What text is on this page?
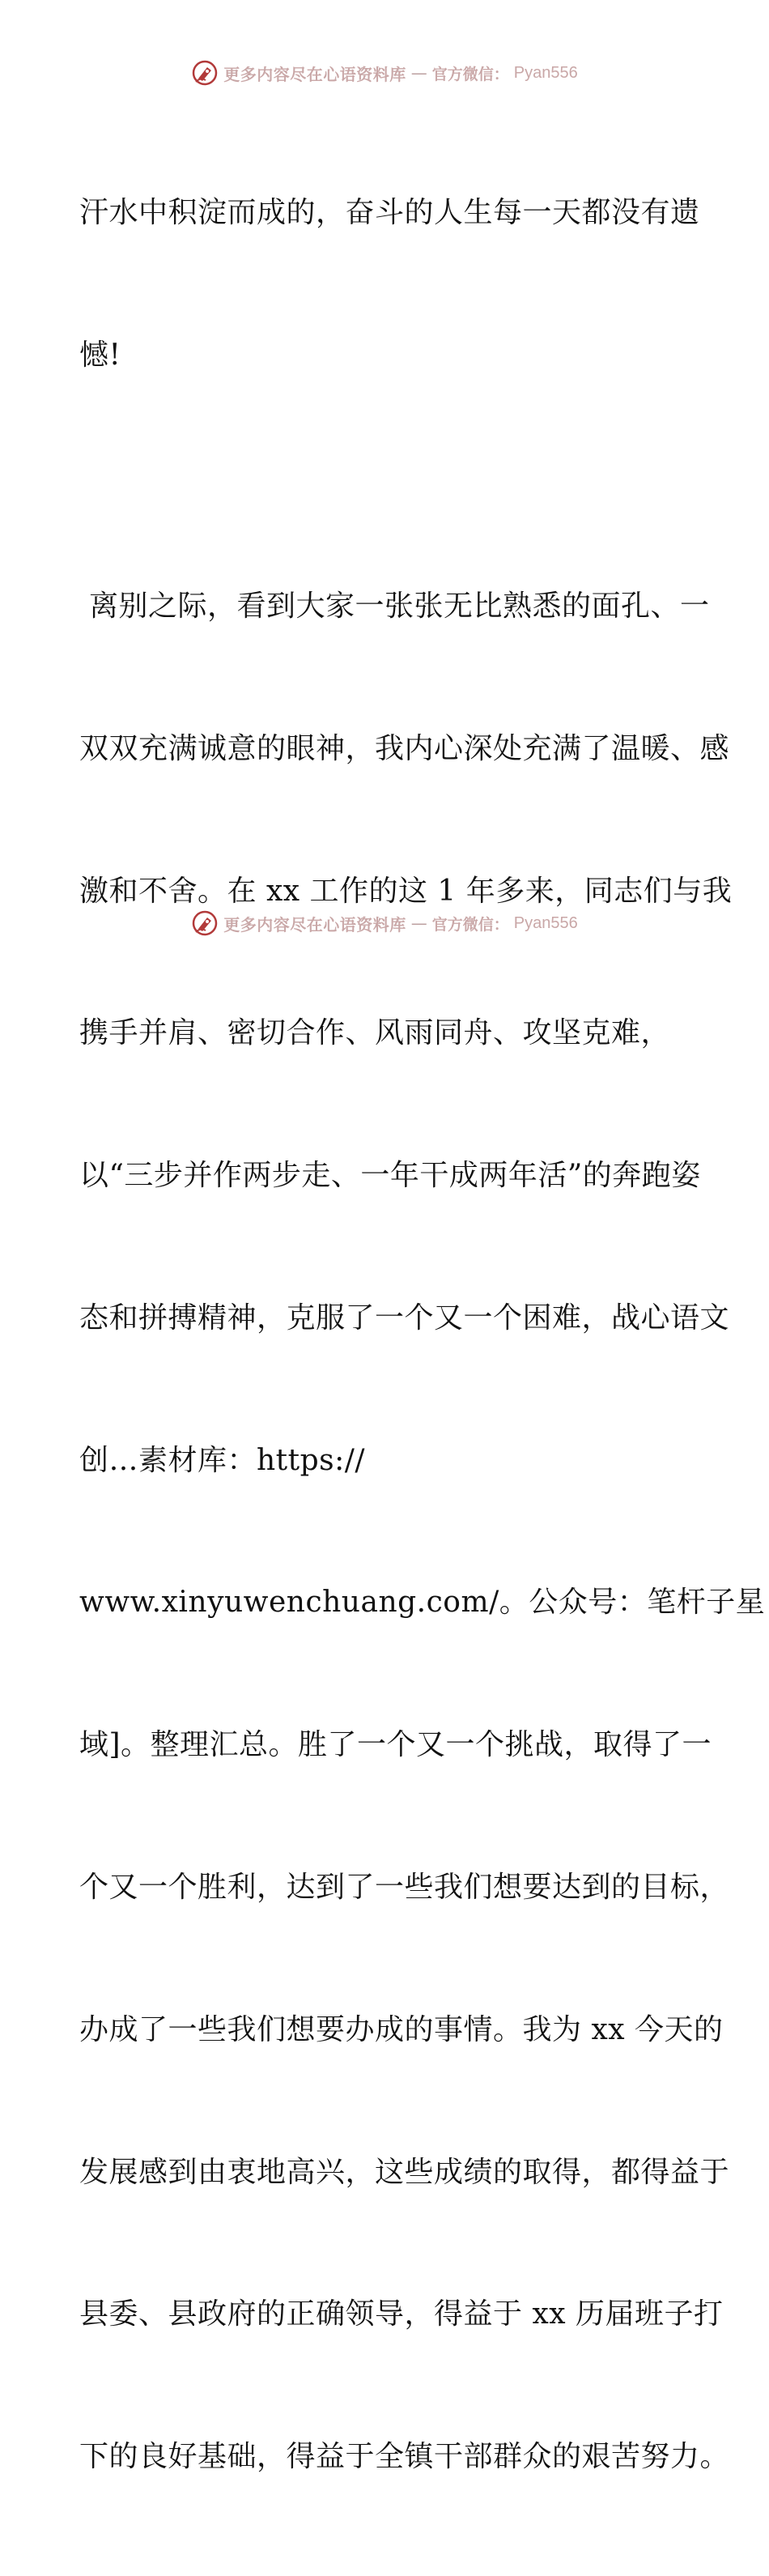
更多内容尽在心语资料库 — 官方微信： Pyan556

汗水中积淀而成的，奋斗的人生每一天都没有遗

憾!

离别之际，看到大家一张张无比熟悉的面孔、一

双双充满诚意的眼神，我内心深处充满了温暖、感

激和不舍。在 xx 工作的这 1 年多来，同志们与我

携手并肩、密切合作、风雨同舟、攻坚克难，

以“三步并作两步走、一年干成两年活”的奔跑姿

态和拼搏精神，克服了一个又一个困难，战心语文

创…素材库：https://

www.xinyuwenchuang.com/。公众号：笔杆子星

域]。整理汇总。胜了一个又一个挑战，取得了一

个又一个胜利，达到了一些我们想要达到的目标，

办成了一些我们想要办成的事情。我为 xx 今天的

发展感到由衷地高兴，这些成绩的取得，都得益于

县委、县政府的正确领导，得益于 xx 历届班子打

下的良好基础，得益于全镇干部群众的艰苦努力。

更多内容尽在心语资料库 — 官方微信： Pyan556
